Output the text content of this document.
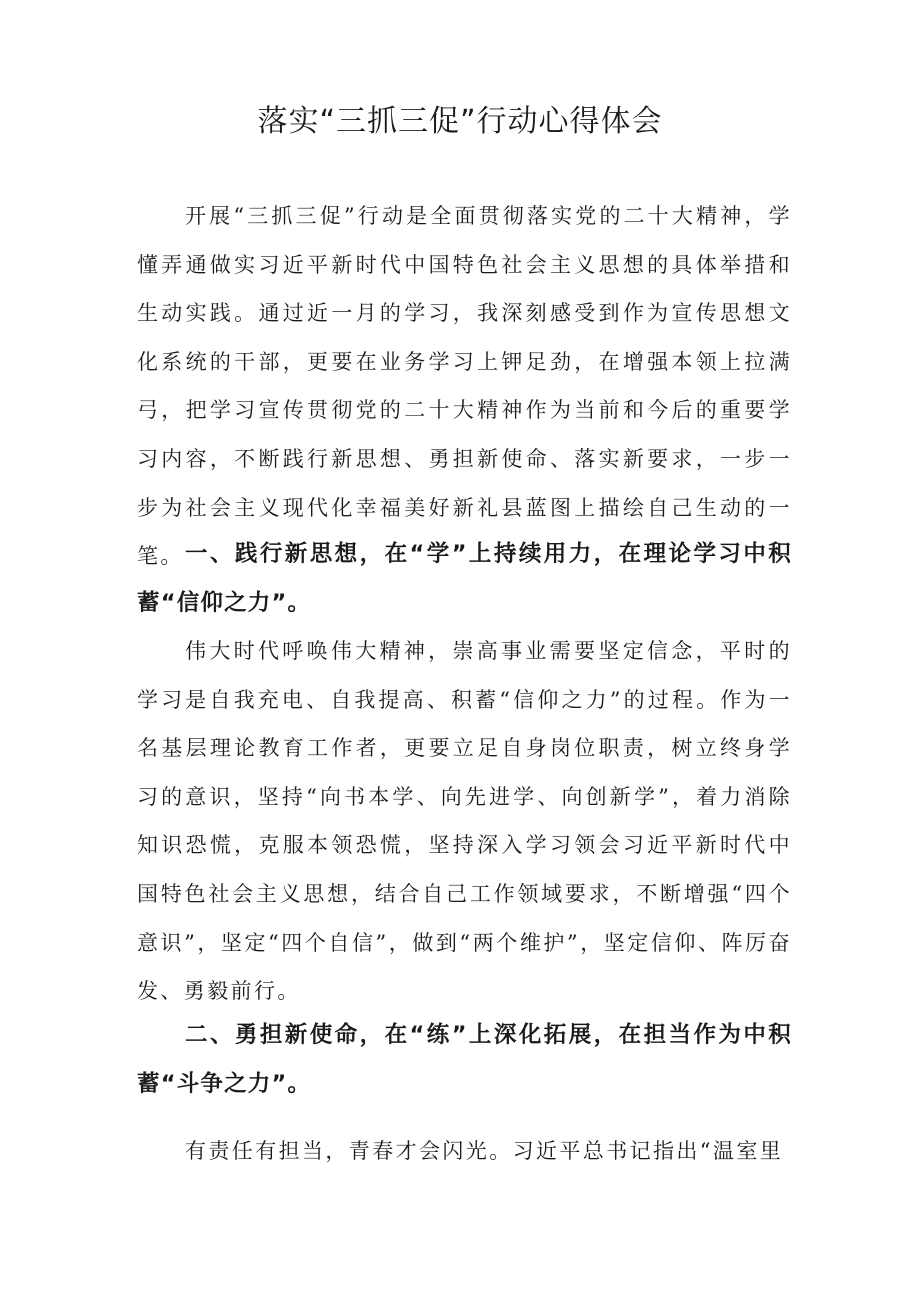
落实“三抓三促”行动心得体会

开展“三抓三促”行动是全面贯彻落实党的二十大精神，学懂弄通做实习近平新时代中国特色社会主义思想的具体举措和生动实践。通过近一月的学习，我深刻感受到作为宣传思想文化系统的干部，更要在业务学习上钾足劲，在增强本领上拉满弓，把学习宣传贯彻党的二十大精神作为当前和今后的重要学习内容，不断践行新思想、勇担新使命、落实新要求，一步一步为社会主义现代化幸福美好新礼县蓝图上描绘自己生动的一笔。 一、践行新思想，在“学”上持续用力，在理论学习中积蓄“信仰之力”。

伟大时代呼唤伟大精神，崇高事业需要坚定信念，平时的学习是自我充电、自我提高、积蓄“信仰之力”的过程。作为一名基层理论教育工作者，更要立足自身岗位职责，树立终身学习的意识，坚持“向书本学、向先进学、向创新学”，着力消除知识恐慌，克服本领恐慌，坚持深入学习领会习近平新时代中国特色社会主义思想，结合自己工作领域要求，不断增强“四个意识”，坚定“四个自信”，做到“两个维护”，坚定信仰、阵厉奋发、勇毅前行。

二、勇担新使命，在“练”上深化拓展，在担当作为中积蓄“斗争之力”。

有责任有担当，青春才会闪光。习近平总书记指出“温室里
